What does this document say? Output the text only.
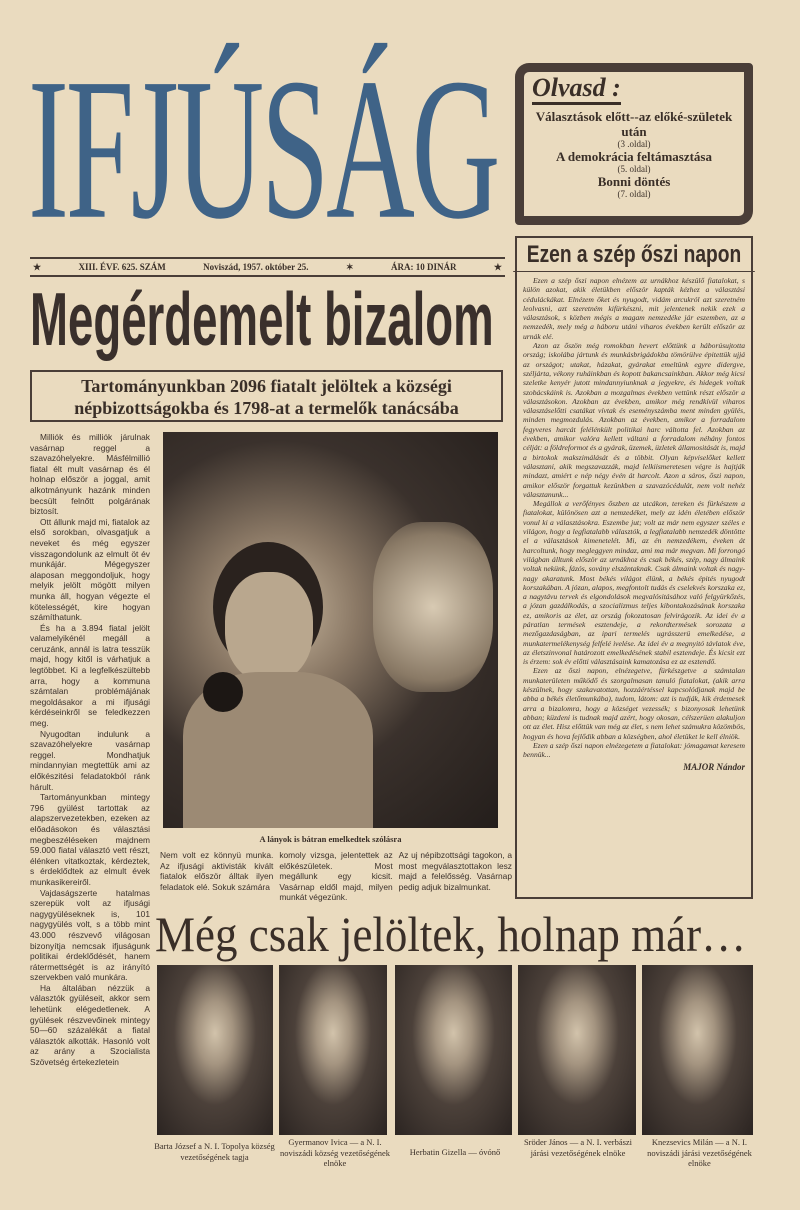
IFJÚSÁG Olvasd :
Választások előtt--az előké-születek után
(3 .oldal)
A demokrácia feltámasztása
(5. oldal)
Bonni döntés
(7. oldal)
★	XIII. ÉVF. 625. SZÁM	Noviszád, 1957. október 25.	✶	ÁRA: 10 DINÁR	★
Megérdemelt bizalom
Tartományunkban 2096 fiatalt jelöltek a községi népbizottságokba és 1798-at a termelők tanácsába

Milliók és milliók járulnak vasárnap reggel a szavazóhelyekre. Másfélmillió fiatal élt mult vasárnap és él holnap először a joggal, amit alkotmányunk hazánk minden becsült felnőtt polgárának biztosít.

Ott állunk majd mi, fiatalok az első sorokban, olvasgatjuk a neveket és még egyszer visszagondolunk az elmult öt év munkájár. Mégegyszer alaposan meggondoljuk, hogy melyik jelölt mögött milyen munka áll, hogyan végezte el kötelességét, kire hogyan számíthatunk.

És ha a 3.894 fiatal jelölt valamelyikénél megáll a ceruzánk, annál is latra tesszük majd, hogy kitől is várhatjuk a legtöbbet. Ki a legfelkészültebb arra, hogy a kommuna számtalan problémájának megoldásakor a mi ifjusági kérdéseinkről se feledkezzen meg.

Nyugodtan indulunk a szavazóhelyekre vasárnap reggel. Mondhatjuk mindannyian megtettük ami az előkészitési feladatokból ránk hárult.

Tartományunkban mintegy 796 gyülést tartottak az alapszervezetekben, ezeken az előadásokon és választási megbeszéléseken majdnem 59.000 fiatal választó vett részt, élénken vitatkoztak, kérdeztek, s érdeklődtek az elmult évek munkasikereiről.

Vajdaságszerte hatalmas szerepük volt az ifjusági nagygyüléseknek is, 101 nagygyülés volt, s a több mint 43.000 részvevő világosan bizonyítja nemcsak ifjuságunk politikai érdeklődését, hanem rátermettségét is az irányító szervekben való munkára.

Ha általában nézzük a választók gyüléseit, akkor sem lehetünk elégedetlenek. A gyülések részvevőinek mintegy 50—60 százalékát a fiatal választók alkották. Hasonló volt az arány a Szocialista Szövetség értekezletein

A lányok is bátran emelkedtek szólásra
Nem volt ez könnyü munka. Az ifjusági aktivisták kivált fiatalok először álltak ilyen feladatok elé. Sokuk számára
komoly vizsga, jelentettek az előkészületek. Most megállunk egy kicsit. Vasárnap eldől majd, milyen munkát végezünk.
Az uj népibzottsági tagokon, a most megválasztottakon lesz majd a felelősség. Vasárnap pedig adjuk bizalmunkat.
Ezen a szép őszi napon

Ezen a szép őszi napon elnézem az urnákhoz készülő fiatalokat, s külön azokat, akik életükben először kapták kézhez a választási céduláckákat. Elnézem őket és nyugodt, vidám arcukról azt szeretném leolvasni, azt szeretném kifürkészni, mit jelentenek nekik ezek a választások, s közben mégis a magam nemzedéke jár eszemben, az a nemzedék, mely még a háboru utáni viharos években került először az urnák elé.

Azon az őszön még romokban hevert előttünk a háborúsujtotta ország; iskolába jártunk és munkásbrigádokba tömörülve épitettük ujjá az országot; utakat, házakat, gyárakat emeltünk egyre didergve, széljárta, vékony ruháinkban és kopott bakancsainkban. Akkor még kicsi szeletke kenyér jutott mindannyiunknak a jegyekre, és hidegek voltak szobácskáink is. Azokban a mozgalmas években vettünk részt először a választásokon. Azokban az években, amikor még rendkívül viharos választáselőtti csatákat vívtak és eseményszámba ment minden gyülés, minden megmozdulás. Azokban az években, amikor a forradalom fegyveres harcát felélénkült politikai harc váltotta fel. Azokban az években, amikor valóra kellett váltani a forradalom néhány fontos célját: a földreformot és a gyárak, üzemek, üzletek államositását is, majd a birtokok makszimálását és a többit. Olyan képviselőket kellett választani, akik megszavazzák, majd lelkiismeretesen végre is hajtják mindazt, amiért e nép négy évén át harcolt. Azon a sáros, őszi napon, amikor először forgattuk kezünkben a szavazócédulát, nem volt nehéz választanunk...

Megállok a verőfényes őszben az utcákon, tereken és fürkészem a fiatalokat, különösen azt a nemzedéket, mely az idén életében először vonul ki a választásokra. Eszembe jut; volt az már nem egyszer széles e világon, hogy a legfiatalabb választók, a legfiatalabb nemzedék döntötte el a választások kimenetelét. Mi, az én nemzedékem, éveken át harcoltunk, hogy megleggyen mindaz, ami ma már megvan. Mi forrongó világban álltunk először az urnákhoz és csak békés, szép, nagy álmaink voltak nekünk, fázós, sovány elszántaknak. Csak álmaink voltak és nagy-nagy akaratunk. Most békés világot élünk, a békés épités nyugodt korszakában. A józan, alapos, megfontolt tudás és cselekvés korszaka ez, a nagytávu tervek és elgondolások megvalósitásához való felgyürkőzés, a józan gazdálkodás, a szocializmus teljes kibontakozásának korszaka ez, amikoris az élet, az ország fokozatosan felvirágozik. Az idei év a páratlan termések esztendeje, a rekordtermések sorozata a mezőgazdaságban, az ipari termelés ugrásszerü emelkedése, a munkatermelékenység felfelé ivelése. Az idei év a megnyitó távlatok éve, az életszinvonal határozott emelkedésének stabil esztendeje. És kicsit ezt is érzem: sok év előtti választásaink kamatozása ez az esztendő.

Ezen az őszi napon, elnézegetve, fürkészgetve a számtalan munkaterületen működő és szorgalmasan tanuló fiatalokat, (akik arra készülnek, hogy szakavatottan, hozzáértéssel kapcsolódjanak majd be abba a békés életőmunkába), tudom, látom: azt is tudják, kik érdemesek arra a bizalomra, hogy a községet vezessék; s bizonyosak lehetünk abban; küzdeni is tudnak majd azért, hogy okosan, célszerüen alakuljon ott az élet. Hisz előttük van még az élet, s nem lehet számukra közömbös, hogyan és hova fejlődik abban a községben, ahol életüket le kell élniök.

Ezen a szép őszi napon elnézegetem a fiatalokat: jómagamat keresem bennük...

MAJOR Nándor
Még csak jelöltek, holnap már…
Barta József a N. I. Topolya község vezetőségének tagja
Gyermanov Ivica — a N. I. noviszádi község vezetőségének elnöke
Herbatin Gizella — óvónő
Sröder János — a N. I. verbászi járási vezetőségének elnöke
Knezsevics Milán — a N. I. noviszádi járási vezetőségének elnöke
